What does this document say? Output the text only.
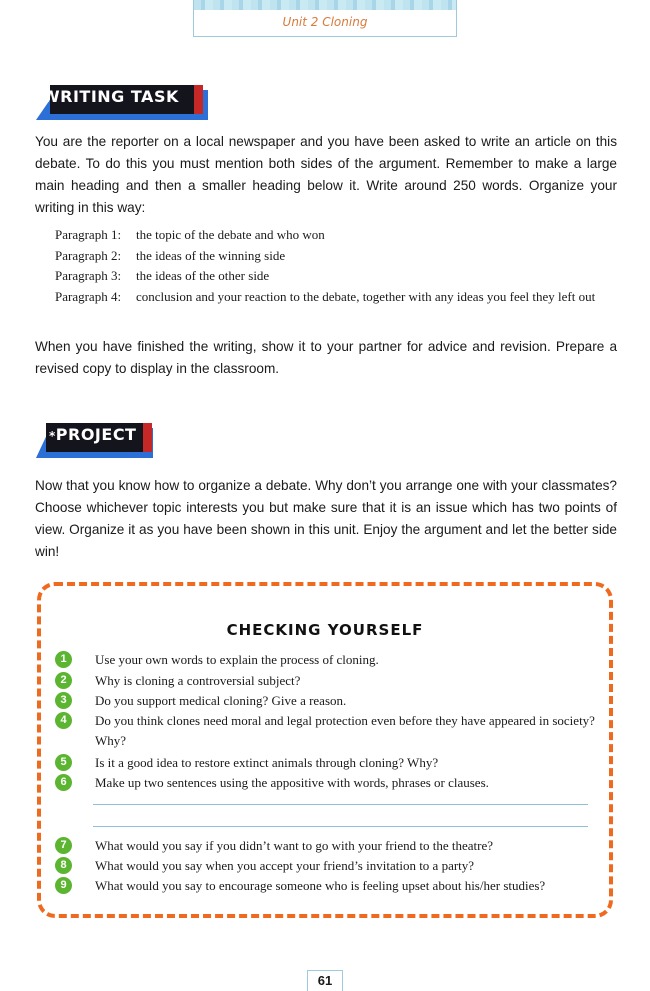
Unit 2 Cloning
WRITING TASK
You are the reporter on a local newspaper and you have been asked to write an article on this debate. To do this you must mention both sides of the argument. Remember to make a large main heading and then a smaller heading below it. Write around 250 words. Organize your writing in this way:
Paragraph 1:	the topic of the debate and who won
Paragraph 2:	the ideas of the winning side
Paragraph 3:	the ideas of the other side
Paragraph 4:	conclusion and your reaction to the debate, together with any ideas you feel they left out
When you have finished the writing, show it to your partner for advice and revision. Prepare a revised copy to display in the classroom.
*PROJECT
Now that you know how to organize a debate. Why don’t you arrange one with your classmates? Choose whichever topic interests you but make sure that it is an issue which has two points of view. Organize it as you have been shown in this unit. Enjoy the argument and let the better side win!
CHECKING YOURSELF
1	Use your own words to explain the process of cloning.
2	Why is cloning a controversial subject?
3	Do you support medical cloning? Give a reason.
4	Do you think clones need moral and legal protection even before they have appeared in society? Why?
5	Is it a good idea to restore extinct animals through cloning? Why?
6	Make up two sentences using the appositive with words, phrases or clauses.
7	What would you say if you didn’t want to go with your friend to the theatre?
8	What would you say when you accept your friend’s invitation to a party?
9	What would you say to encourage someone who is feeling upset about his/her studies?
61
